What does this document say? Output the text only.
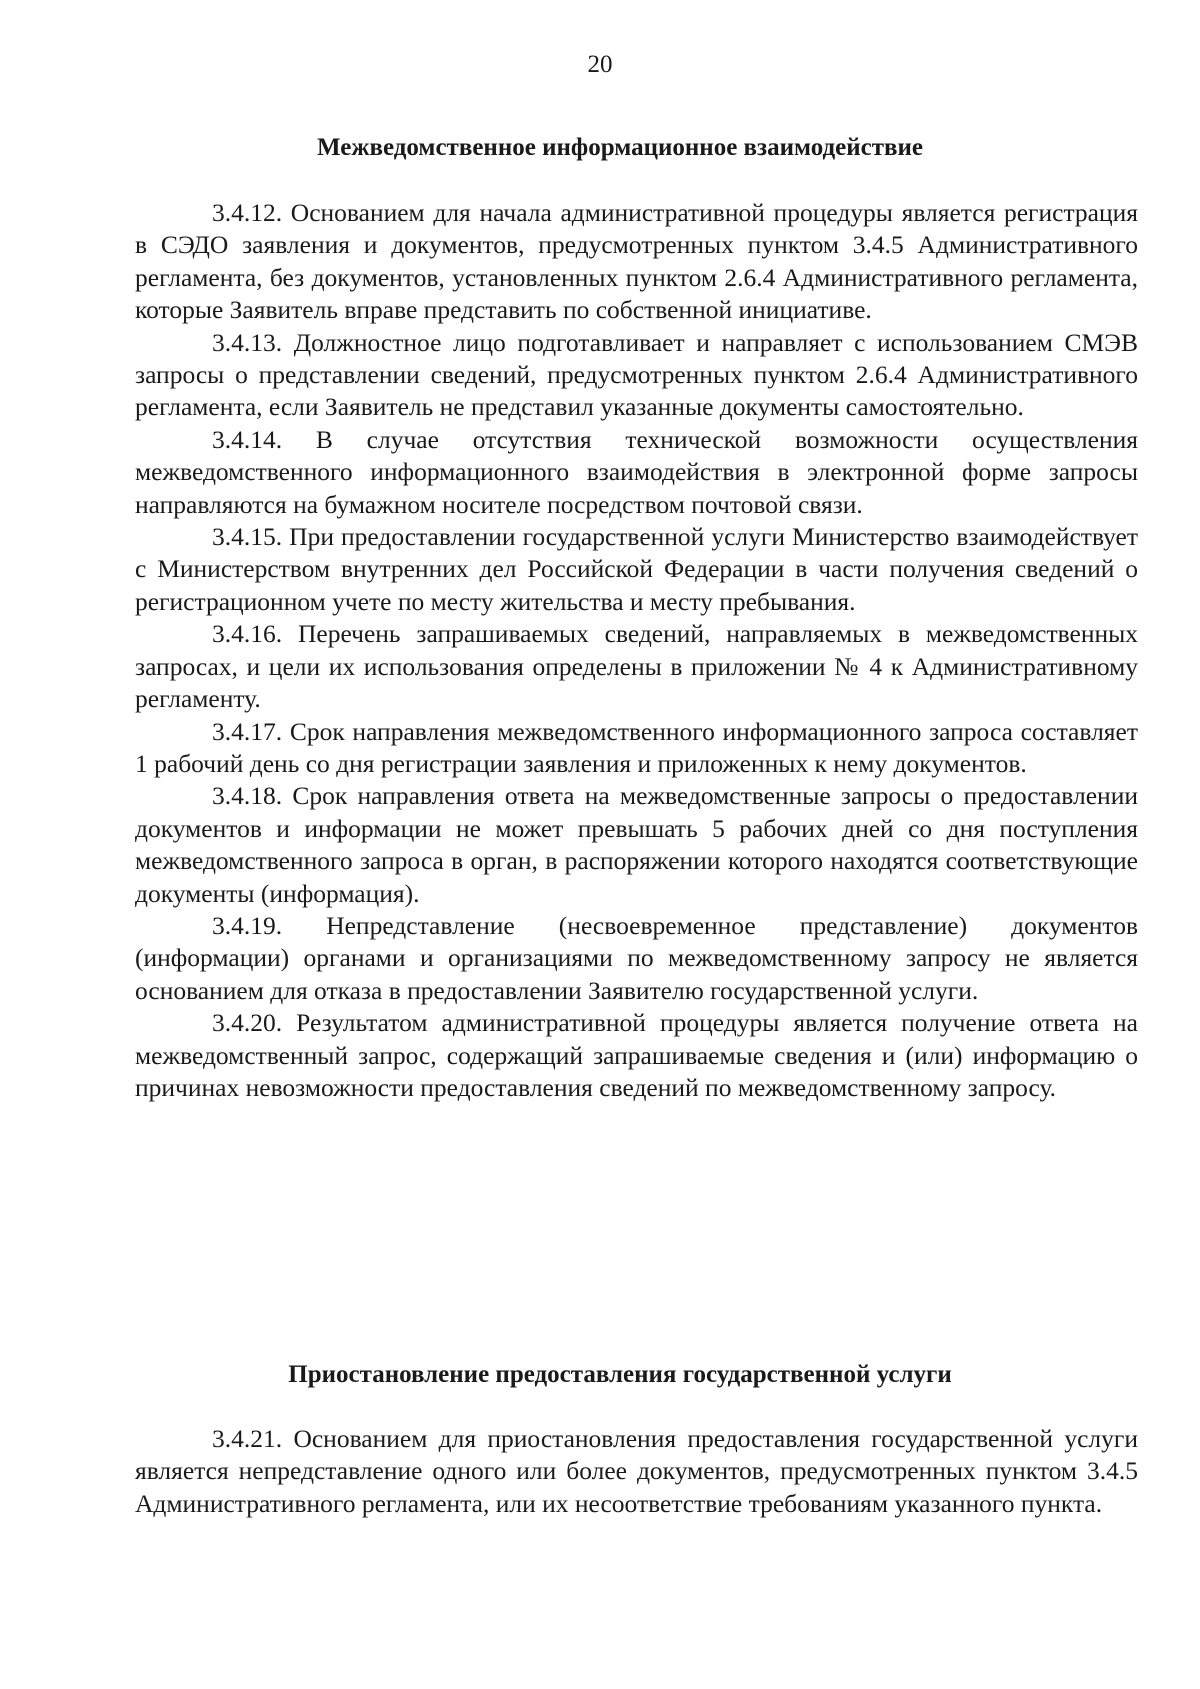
20
Межведомственное информационное взаимодействие

3.4.12. Основанием для начала административной процедуры является регистрация в СЭДО заявления и документов, предусмотренных пунктом 3.4.5 Административного регламента, без документов, установленных пунктом 2.6.4 Административного регламента, которые Заявитель вправе представить по собственной инициативе.

3.4.13. Должностное лицо подготавливает и направляет с использованием СМЭВ запросы о представлении сведений, предусмотренных пунктом 2.6.4 Административного регламента, если Заявитель не представил указанные документы самостоятельно.

3.4.14. В случае отсутствия технической возможности осуществления межведомственного информационного взаимодействия в электронной форме запросы направляются на бумажном носителе посредством почтовой связи.

3.4.15. При предоставлении государственной услуги Министерство взаимодействует с Министерством внутренних дел Российской Федерации в части получения сведений о регистрационном учете по месту жительства и месту пребывания.

3.4.16. Перечень запрашиваемых сведений, направляемых в межведомственных запросах, и цели их использования определены в приложении № 4 к Административному регламенту.

3.4.17. Срок направления межведомственного информационного запроса составляет 1 рабочий день со дня регистрации заявления и приложенных к нему документов.

3.4.18. Срок направления ответа на межведомственные запросы о предоставлении документов и информации не может превышать 5 рабочих дней со дня поступления межведомственного запроса в орган, в распоряжении которого находятся соответствующие документы (информация).

3.4.19. Непредставление (несвоевременное представление) документов (информации) органами и организациями по межведомственному запросу не является основанием для отказа в предоставлении Заявителю государственной услуги.

3.4.20. Результатом административной процедуры является получение ответа на межведомственный запрос, содержащий запрашиваемые сведения и (или) информацию о причинах невозможности предоставления сведений по межведомственному запросу.

Приостановление предоставления государственной услуги

3.4.21. Основанием для приостановления предоставления государственной услуги является непредставление одного или более документов, предусмотренных пунктом 3.4.5 Административного регламента, или их несоответствие требованиям указанного пункта.
